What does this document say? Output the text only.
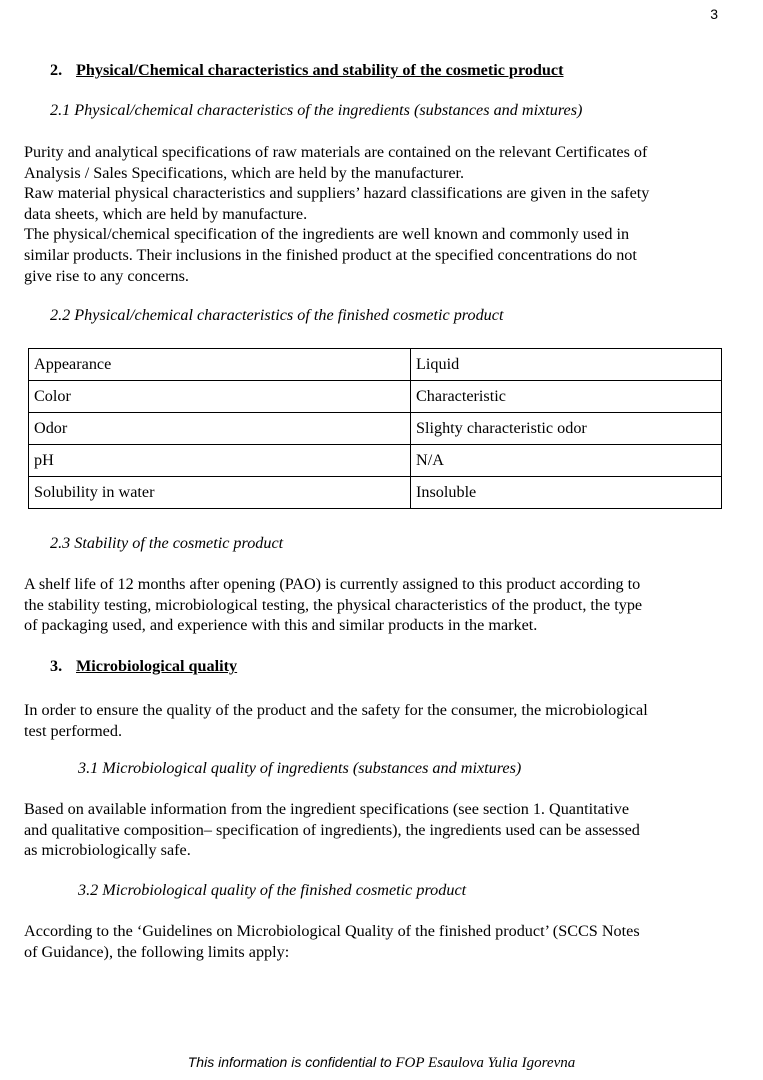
3

2. Physical/Chemical characteristics and stability of the cosmetic product

2.1 Physical/chemical characteristics of the ingredients (substances and mixtures)

Purity and analytical specifications of raw materials are contained on the relevant Certificates of
Analysis / Sales Specifications, which are held by the manufacturer.
Raw material physical characteristics and suppliers’ hazard classifications are given in the safety
data sheets, which are held by manufacture.
The physical/chemical specification of the ingredients are well known and commonly used in
similar products. Their inclusions in the finished product at the specified concentrations do not
give rise to any concerns.

2.2 Physical/chemical characteristics of the finished cosmetic product

Appearance	Liquid
Color	Characteristic
Odor	Slighty characteristic odor
pH	N/A
Solubility in water	Insoluble

2.3 Stability of the cosmetic product

A shelf life of 12 months after opening (PAO) is currently assigned to this product according to
the stability testing, microbiological testing, the physical characteristics of the product, the type
of packaging used, and experience with this and similar products in the market.

3. Microbiological quality

In order to ensure the quality of the product and the safety for the consumer, the microbiological
test performed.

3.1 Microbiological quality of ingredients (substances and mixtures)

Based on available information from the ingredient specifications (see section 1. Quantitative
and qualitative composition– specification of ingredients), the ingredients used can be assessed
as microbiologically safe.

3.2 Microbiological quality of the finished cosmetic product

According to the ‘Guidelines on Microbiological Quality of the finished product’ (SCCS Notes
of Guidance), the following limits apply:
This information is confidential to FOP Esaulova Yulia Igorevna
